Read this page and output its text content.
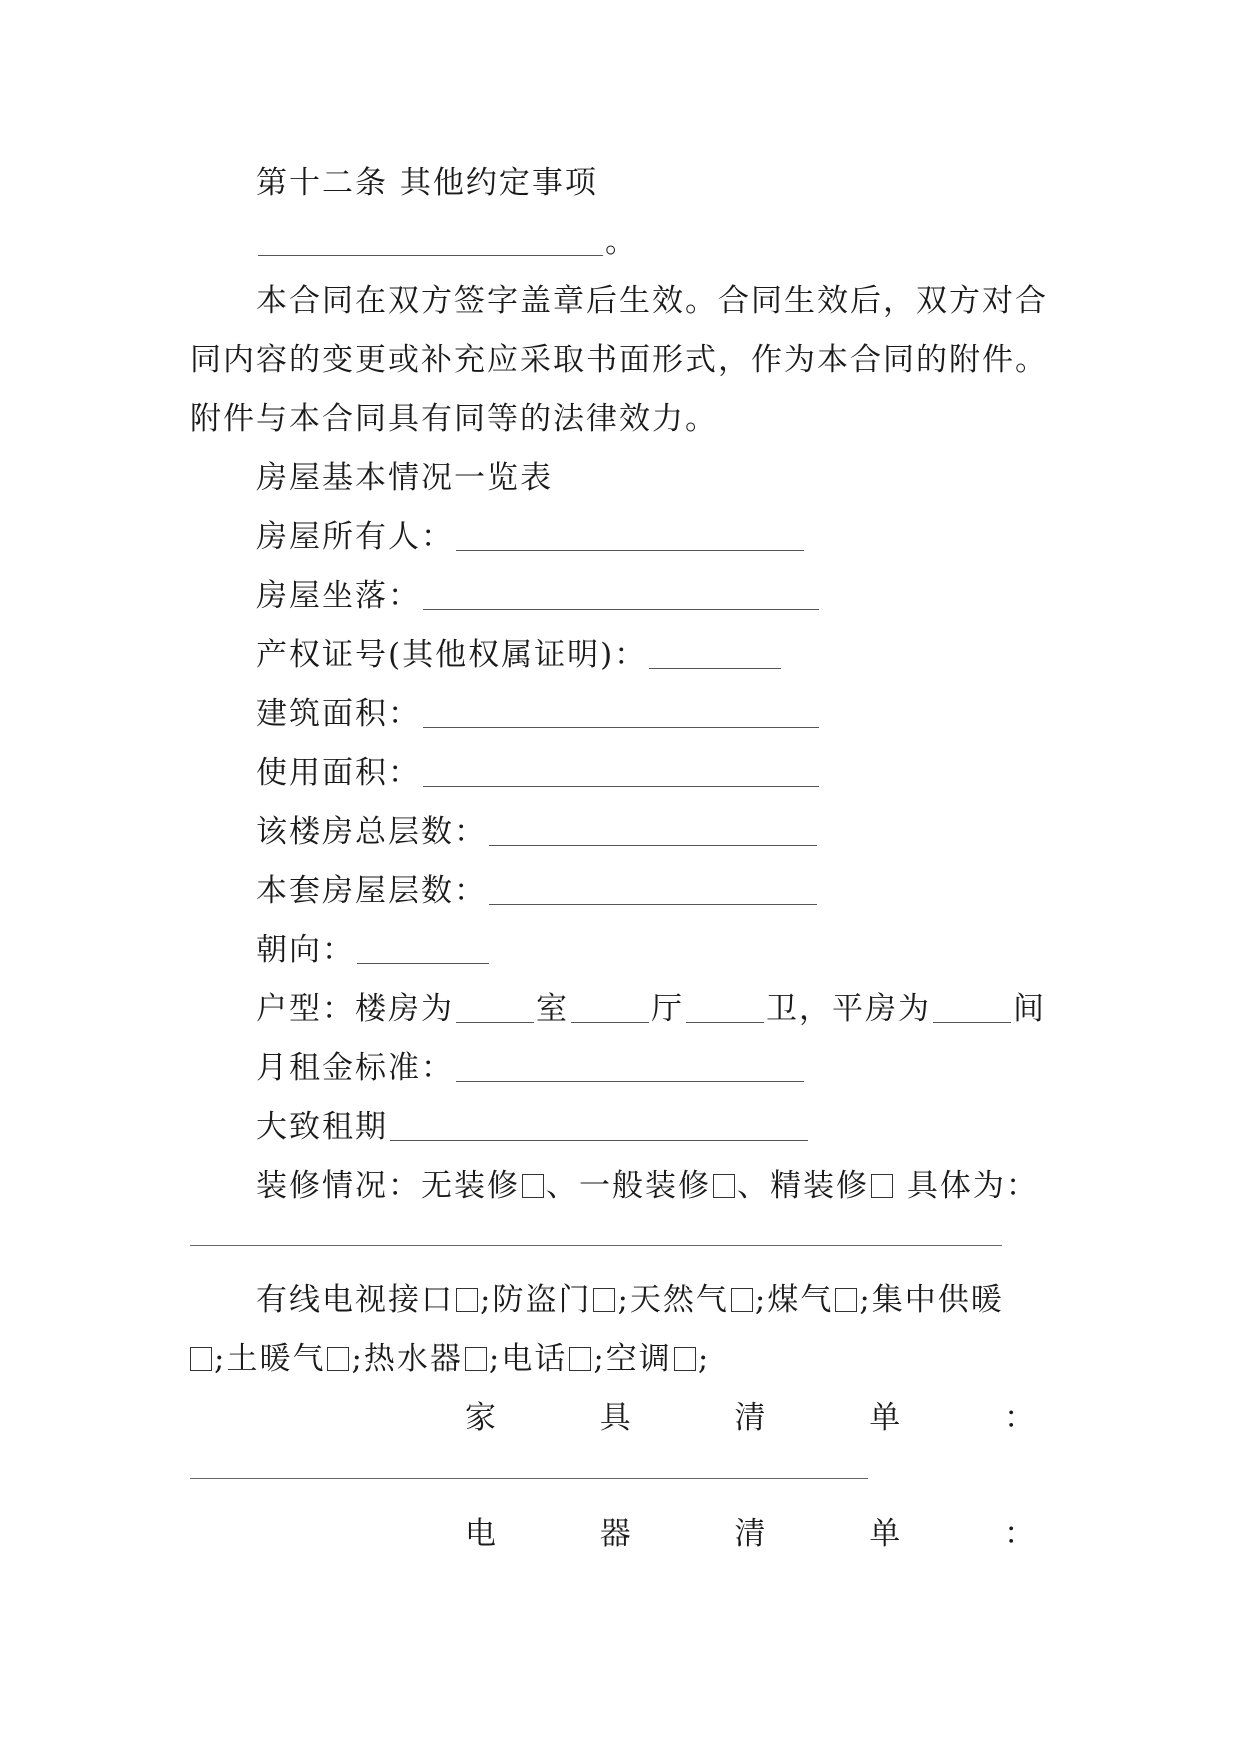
第十二条 其他约定事项
。
本合同在双方签字盖章后生效。合同生效后，双方对合
同内容的变更或补充应采取书面形式，作为本合同的附件。
附件与本合同具有同等的法律效力。
房屋基本情况一览表
房屋所有人：
房屋坐落：
产权证号(其他权属证明)：
建筑面积：
使用面积：
该楼房总层数：
本套房屋层数：
朝向：
户型：楼房为	室	厅	卫，平房为	间
月租金标准：
大致租期
装修情况：无装修 、一般装修 、精装修 具体为：
有线电视接口 ;防盗门 ;天然气 ;煤气 ;集中供暖
;土暖气 ;热水器 ;电话 ;空调 ;
家	具	清	单	：
电	器	清	单	：
